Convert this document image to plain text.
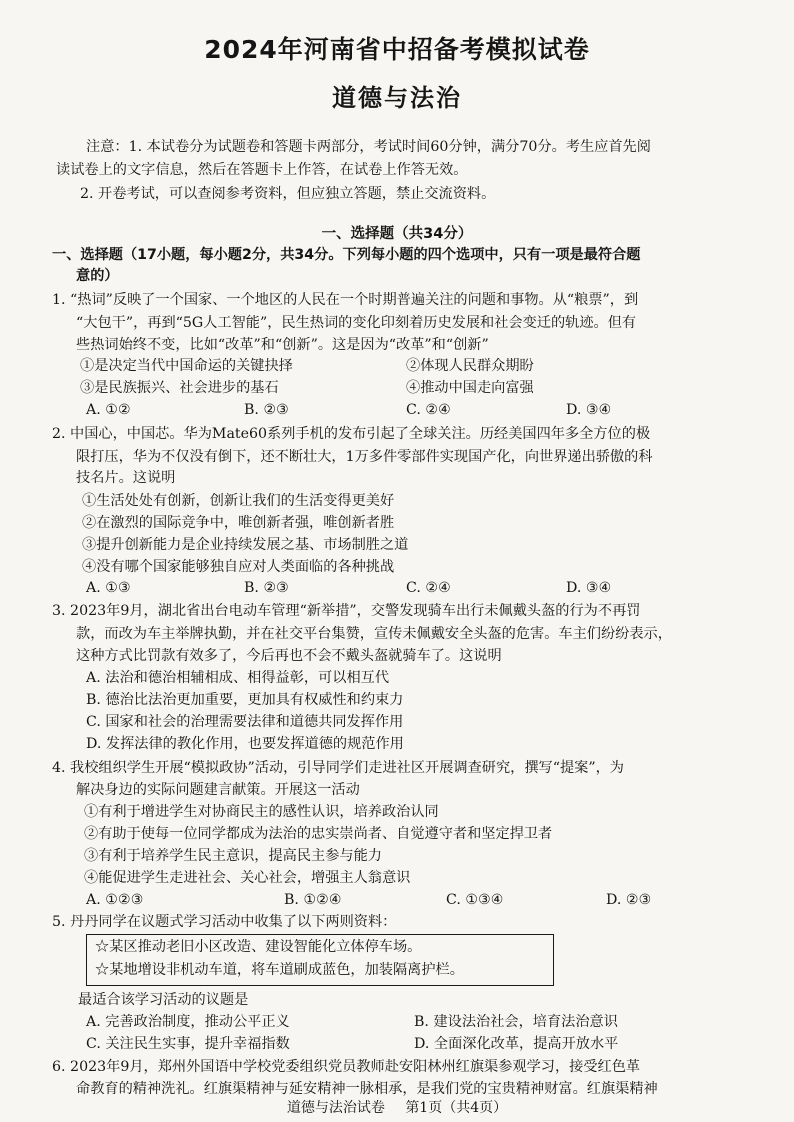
2024年河南省中招备考模拟试卷
道德与法治
注意：1. 本试卷分为试题卷和答题卡两部分，考试时间60分钟，满分70分。考生应首先阅
读试卷上的文字信息，然后在答题卡上作答，在试卷上作答无效。
2. 开卷考试，可以查阅参考资料，但应独立答题，禁止交流资料。
一、选择题（共34分）
一、选择题（17小题，每小题2分，共34分。下列每小题的四个选项中，只有一项是最符合题
意的）
1. “热词”反映了一个国家、一个地区的人民在一个时期普遍关注的问题和事物。从“粮票”，到
“大包干”，再到“5G人工智能”，民生热词的变化印刻着历史发展和社会变迁的轨迹。但有
些热词始终不变，比如“改革”和“创新”。这是因为“改革”和“创新”
①是决定当代中国命运的关键抉择	②体现人民群众期盼
③是民族振兴、社会进步的基石	④推动中国走向富强
A. ①②	B. ②③	C. ②④	D. ③④
2. 中国心，中国芯。华为Mate60系列手机的发布引起了全球关注。历经美国四年多全方位的极
限打压，华为不仅没有倒下，还不断壮大，1万多件零部件实现国产化，向世界递出骄傲的科
技名片。这说明
①生活处处有创新，创新让我们的生活变得更美好
②在激烈的国际竞争中，唯创新者强，唯创新者胜
③提升创新能力是企业持续发展之基、市场制胜之道
④没有哪个国家能够独自应对人类面临的各种挑战
A. ①③	B. ②③	C. ②④	D. ③④
3. 2023年9月，湖北省出台电动车管理“新举措”，交警发现骑车出行未佩戴头盔的行为不再罚
款，而改为车主举牌执勤，并在社交平台集赞，宣传未佩戴安全头盔的危害。车主们纷纷表示，
这种方式比罚款有效多了，今后再也不会不戴头盔就骑车了。这说明
A. 法治和德治相辅相成、相得益彰，可以相互代
B. 德治比法治更加重要，更加具有权威性和约束力
C. 国家和社会的治理需要法律和道德共同发挥作用
D. 发挥法律的教化作用，也要发挥道德的规范作用
4. 我校组织学生开展“模拟政协”活动，引导同学们走进社区开展调查研究，撰写“提案”，为
解决身边的实际问题建言献策。开展这一活动
①有利于增进学生对协商民主的感性认识，培养政治认同
②有助于使每一位同学都成为法治的忠实崇尚者、自觉遵守者和坚定捍卫者
③有利于培养学生民主意识，提高民主参与能力
④能促进学生走进社会、关心社会，增强主人翁意识
A. ①②③	B. ①②④	C. ①③④	D. ②③
5. 丹丹同学在议题式学习活动中收集了以下两则资料：
☆某区推动老旧小区改造、建设智能化立体停车场。
☆某地增设非机动车道，将车道刷成蓝色，加装隔离护栏。
最适合该学习活动的议题是
A. 完善政治制度，推动公平正义	B. 建设法治社会，培育法治意识
C. 关注民生实事，提升幸福指数	D. 全面深化改革，提高开放水平
6. 2023年9月，郑州外国语中学校党委组织党员教师赴安阳林州红旗渠参观学习，接受红色革
命教育的精神洗礼。红旗渠精神与延安精神一脉相承，是我们党的宝贵精神财富。红旗渠精神
道德与法治试卷 第1页（共4页）
